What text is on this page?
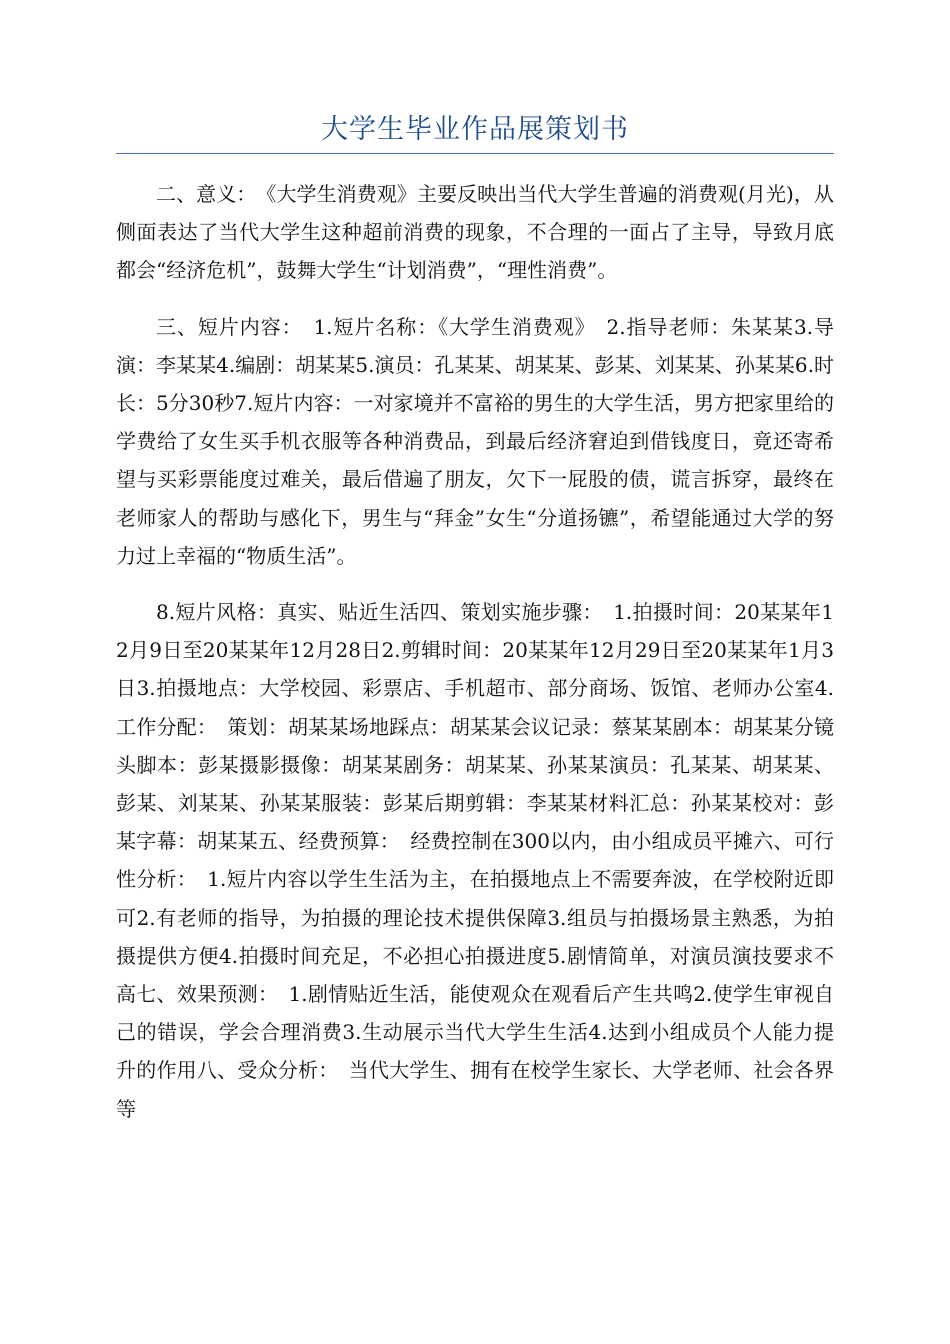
大学生毕业作品展策划书

二、意义：　《大学生消费观》主要反映出当代大学生普遍的消费观(月光)，从侧面表达了当代大学生这种超前消费的现象，不合理的一面占了主导，导致月底都会“经济危机”，鼓舞大学生“计划消费”，“理性消费”。

三、短片内容：　1.短片名称：《大学生消费观》　2.指导老师：朱某某3.导演：李某某4.编剧：胡某某5.演员：孔某某、胡某某、彭某、刘某某、孙某某6.时长：5分30秒7.短片内容：一对家境并不富裕的男生的大学生活，男方把家里给的学费给了女生买手机衣服等各种消费品，到最后经济窘迫到借钱度日，竟还寄希望与买彩票能度过难关，最后借遍了朋友，欠下一屁股的债，谎言拆穿，最终在老师家人的帮助与感化下，男生与“拜金”女生“分道扬镳”，希望能通过大学的努力过上幸福的“物质生活”。

8.短片风格：真实、贴近生活四、策划实施步骤：　1.拍摄时间：20某某年12月9日至20某某年12月28日2.剪辑时间：20某某年12月29日至20某某年1月3日3.拍摄地点：大学校园、彩票店、手机超市、部分商场、饭馆、老师办公室4.工作分配：　策划：胡某某场地踩点：胡某某会议记录：蔡某某剧本：胡某某分镜头脚本：彭某摄影摄像：胡某某剧务：胡某某、孙某某演员：孔某某、胡某某、彭某、刘某某、孙某某服装：彭某后期剪辑：李某某材料汇总：孙某某校对：彭某字幕：胡某某五、经费预算：　经费控制在300以内，由小组成员平摊六、可行性分析：　1.短片内容以学生生活为主，在拍摄地点上不需要奔波，在学校附近即可2.有老师的指导，为拍摄的理论技术提供保障3.组员与拍摄场景主熟悉，为拍摄提供方便4.拍摄时间充足，不必担心拍摄进度5.剧情简单，对演员演技要求不高七、效果预测：　1.剧情贴近生活，能使观众在观看后产生共鸣2.使学生审视自己的错误，学会合理消费3.生动展示当代大学生生活4.达到小组成员个人能力提升的作用八、受众分析：　当代大学生、拥有在校学生家长、大学老师、社会各界等
